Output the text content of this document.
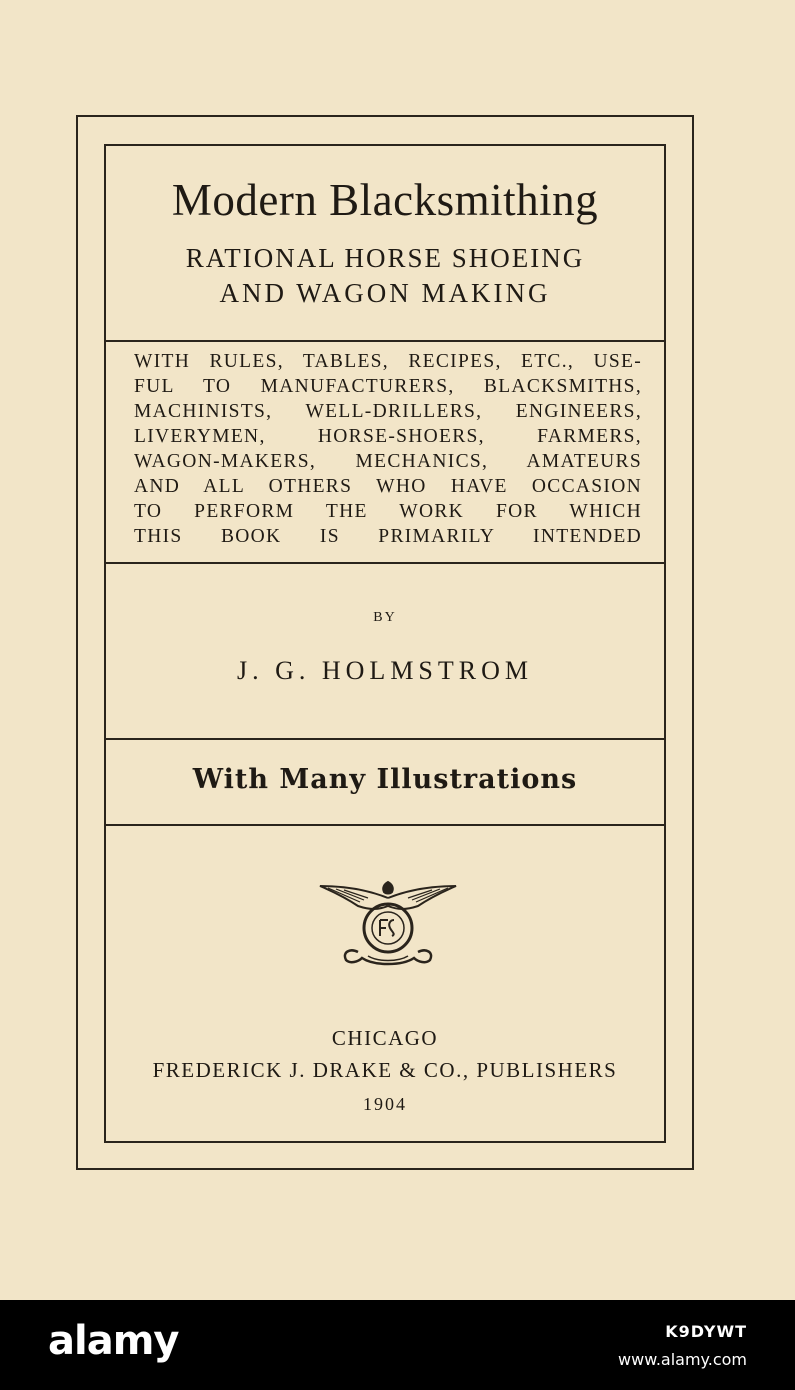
Modern Blacksmithing
RATIONAL HORSE SHOEING
AND WAGON MAKING
WITH RULES, TABLES, RECIPES, ETC., USE-
FUL TO MANUFACTURERS, BLACKSMITHS,
MACHINISTS, WELL-DRILLERS, ENGINEERS,
LIVERYMEN, HORSE-SHOERS, FARMERS,
WAGON-MAKERS, MECHANICS, AMATEURS
AND ALL OTHERS WHO HAVE OCCASION
TO PERFORM THE WORK FOR WHICH
THIS BOOK IS PRIMARILY INTENDED
BY
J. G. HOLMSTROM
With Many Illustrations
CHICAGO
FREDERICK J. DRAKE & CO., PUBLISHERS
1904
alamy	K9DYWT
www.alamy.com
